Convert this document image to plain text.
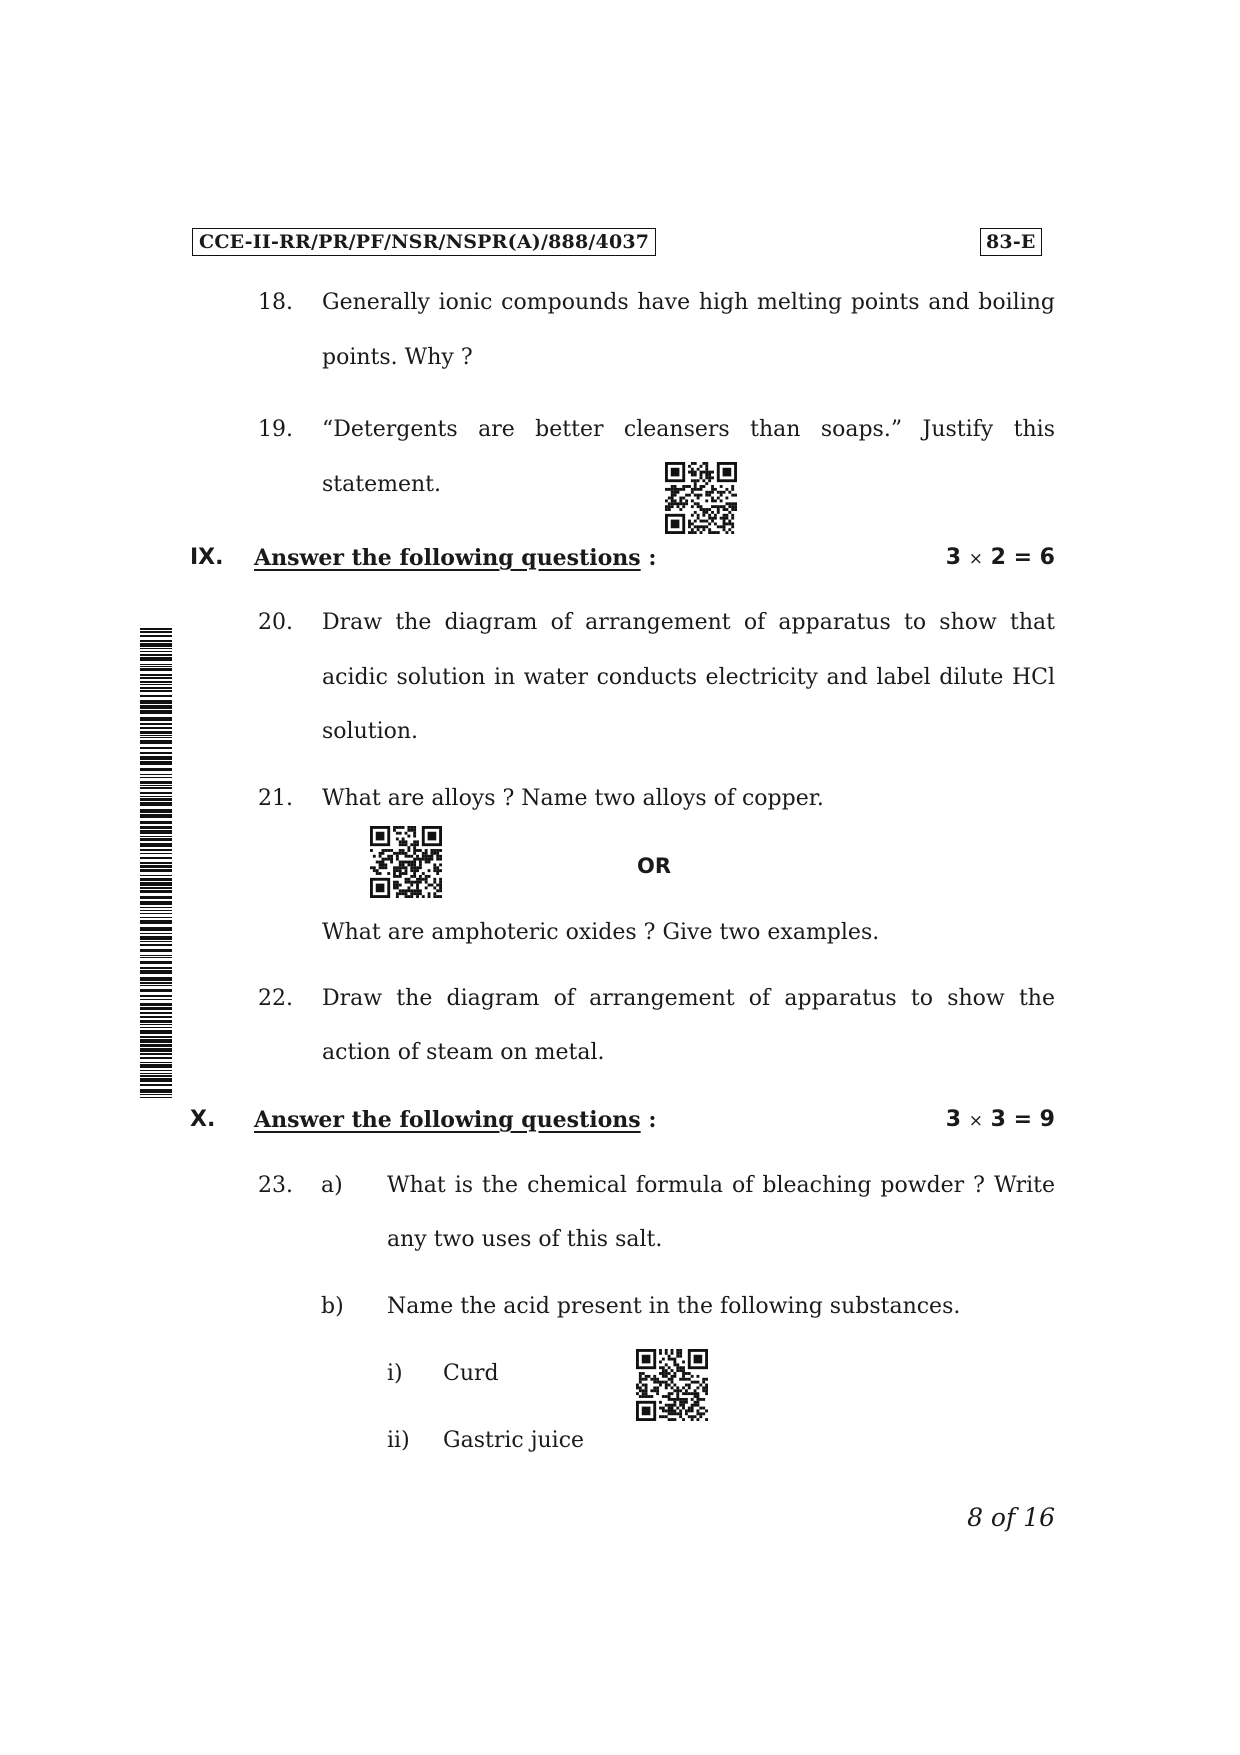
CCE-II-RR/PR/PF/NSR/NSPR(A)/888/4037	83-E
18. Generally ionic compounds have high melting points and boiling
points. Why ?
19. “Detergents are better cleansers than soaps.” Justify this
statement.
IX. Answer the following questions :	3 × 2 = 6
20. Draw the diagram of arrangement of apparatus to show that
acidic solution in water conducts electricity and label dilute HCl
solution.
21. What are alloys ? Name two alloys of copper.
OR
What are amphoteric oxides ? Give two examples.
22. Draw the diagram of arrangement of apparatus to show the
action of steam on metal.
X. Answer the following questions :	3 × 3 = 9
23. a) What is the chemical formula of bleaching powder ? Write
any two uses of this salt.
b) Name the acid present in the following substances.
i) Curd
ii) Gastric juice
8 of 16
